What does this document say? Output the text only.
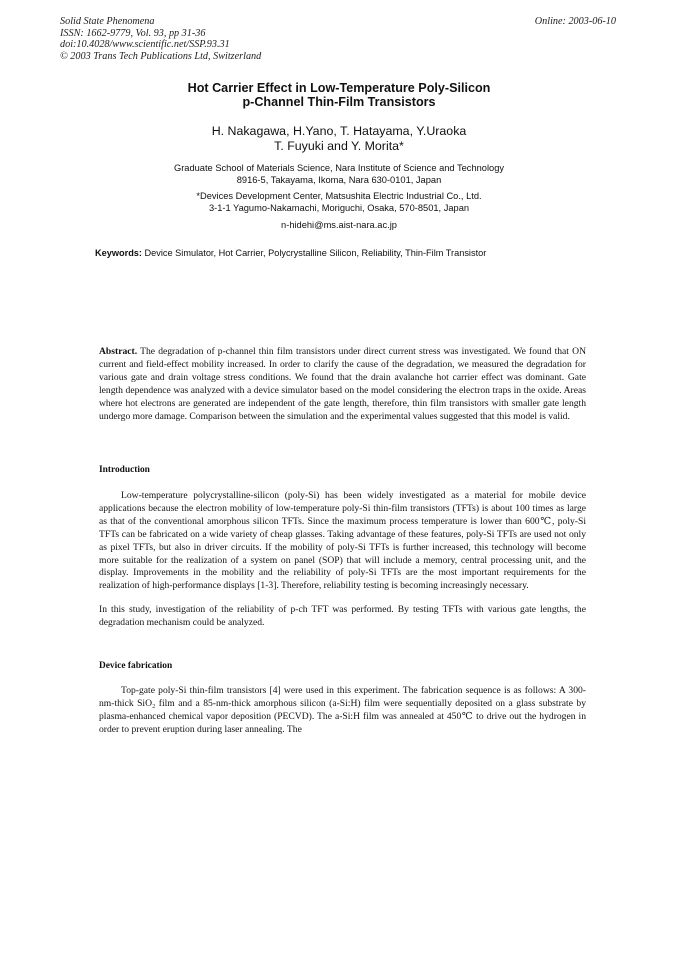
Solid State Phenomena
ISSN: 1662-9779, Vol. 93, pp 31-36
doi:10.4028/www.scientific.net/SSP.93.31
© 2003 Trans Tech Publications Ltd, Switzerland
Online: 2003-06-10
Hot Carrier Effect in Low-Temperature Poly-Silicon
p-Channel Thin-Film Transistors
H. Nakagawa, H.Yano, T. Hatayama, Y.Uraoka
T. Fuyuki and Y. Morita*
Graduate School of Materials Science, Nara Institute of Science and Technology
8916-5, Takayama, Ikoma, Nara 630-0101, Japan
*Devices Development Center, Matsushita Electric Industrial Co., Ltd.
3-1-1 Yagumo-Nakamachi, Moriguchi, Osaka, 570-8501, Japan
n-hidehi@ms.aist-nara.ac.jp
Keywords: Device Simulator, Hot Carrier, Polycrystalline Silicon, Reliability, Thin-Film Transistor
Abstract. The degradation of p-channel thin film transistors under direct current stress was investigated. We found that ON current and field-effect mobility increased. In order to clarify the cause of the degradation, we measured the degradation for various gate and drain voltage stress conditions. We found that the drain avalanche hot carrier effect was dominant. Gate length dependence was analyzed with a device simulator based on the model considering the electron traps in the oxide. Areas where hot electrons are generated are independent of the gate length, therefore, thin film transistors with smaller gate length undergo more damage. Comparison between the simulation and the experimental values suggested that this model is valid.
Introduction
Low-temperature polycrystalline-silicon (poly-Si) has been widely investigated as a material for mobile device applications because the electron mobility of low-temperature poly-Si thin-film transistors (TFTs) is about 100 times as large as that of the conventional amorphous silicon TFTs. Since the maximum process temperature is lower than 600℃, poly-Si TFTs can be fabricated on a wide variety of cheap glasses. Taking advantage of these features, poly-Si TFTs are used not only as pixel TFTs, but also in driver circuits. If the mobility of poly-Si TFTs is further increased, this technology will become more suitable for the realization of a system on panel (SOP) that will include a memory, central processing unit, and the display. Improvements in the mobility and the reliability of poly-Si TFTs are the most important requirements for the realization of high-performance displays [1-3]. Therefore, reliability testing is becoming increasingly necessary.
In this study, investigation of the reliability of p-ch TFT was performed. By testing TFTs with various gate lengths, the degradation mechanism could be analyzed.
Device fabrication
Top-gate poly-Si thin-film transistors [4] were used in this experiment. The fabrication sequence is as follows: A 300-nm-thick SiO₂ film and a 85-nm-thick amorphous silicon (a-Si:H) film were sequentially deposited on a glass substrate by plasma-enhanced chemical vapor deposition (PECVD). The a-Si:H film was annealed at 450℃ to drive out the hydrogen in order to prevent eruption during laser annealing. The
